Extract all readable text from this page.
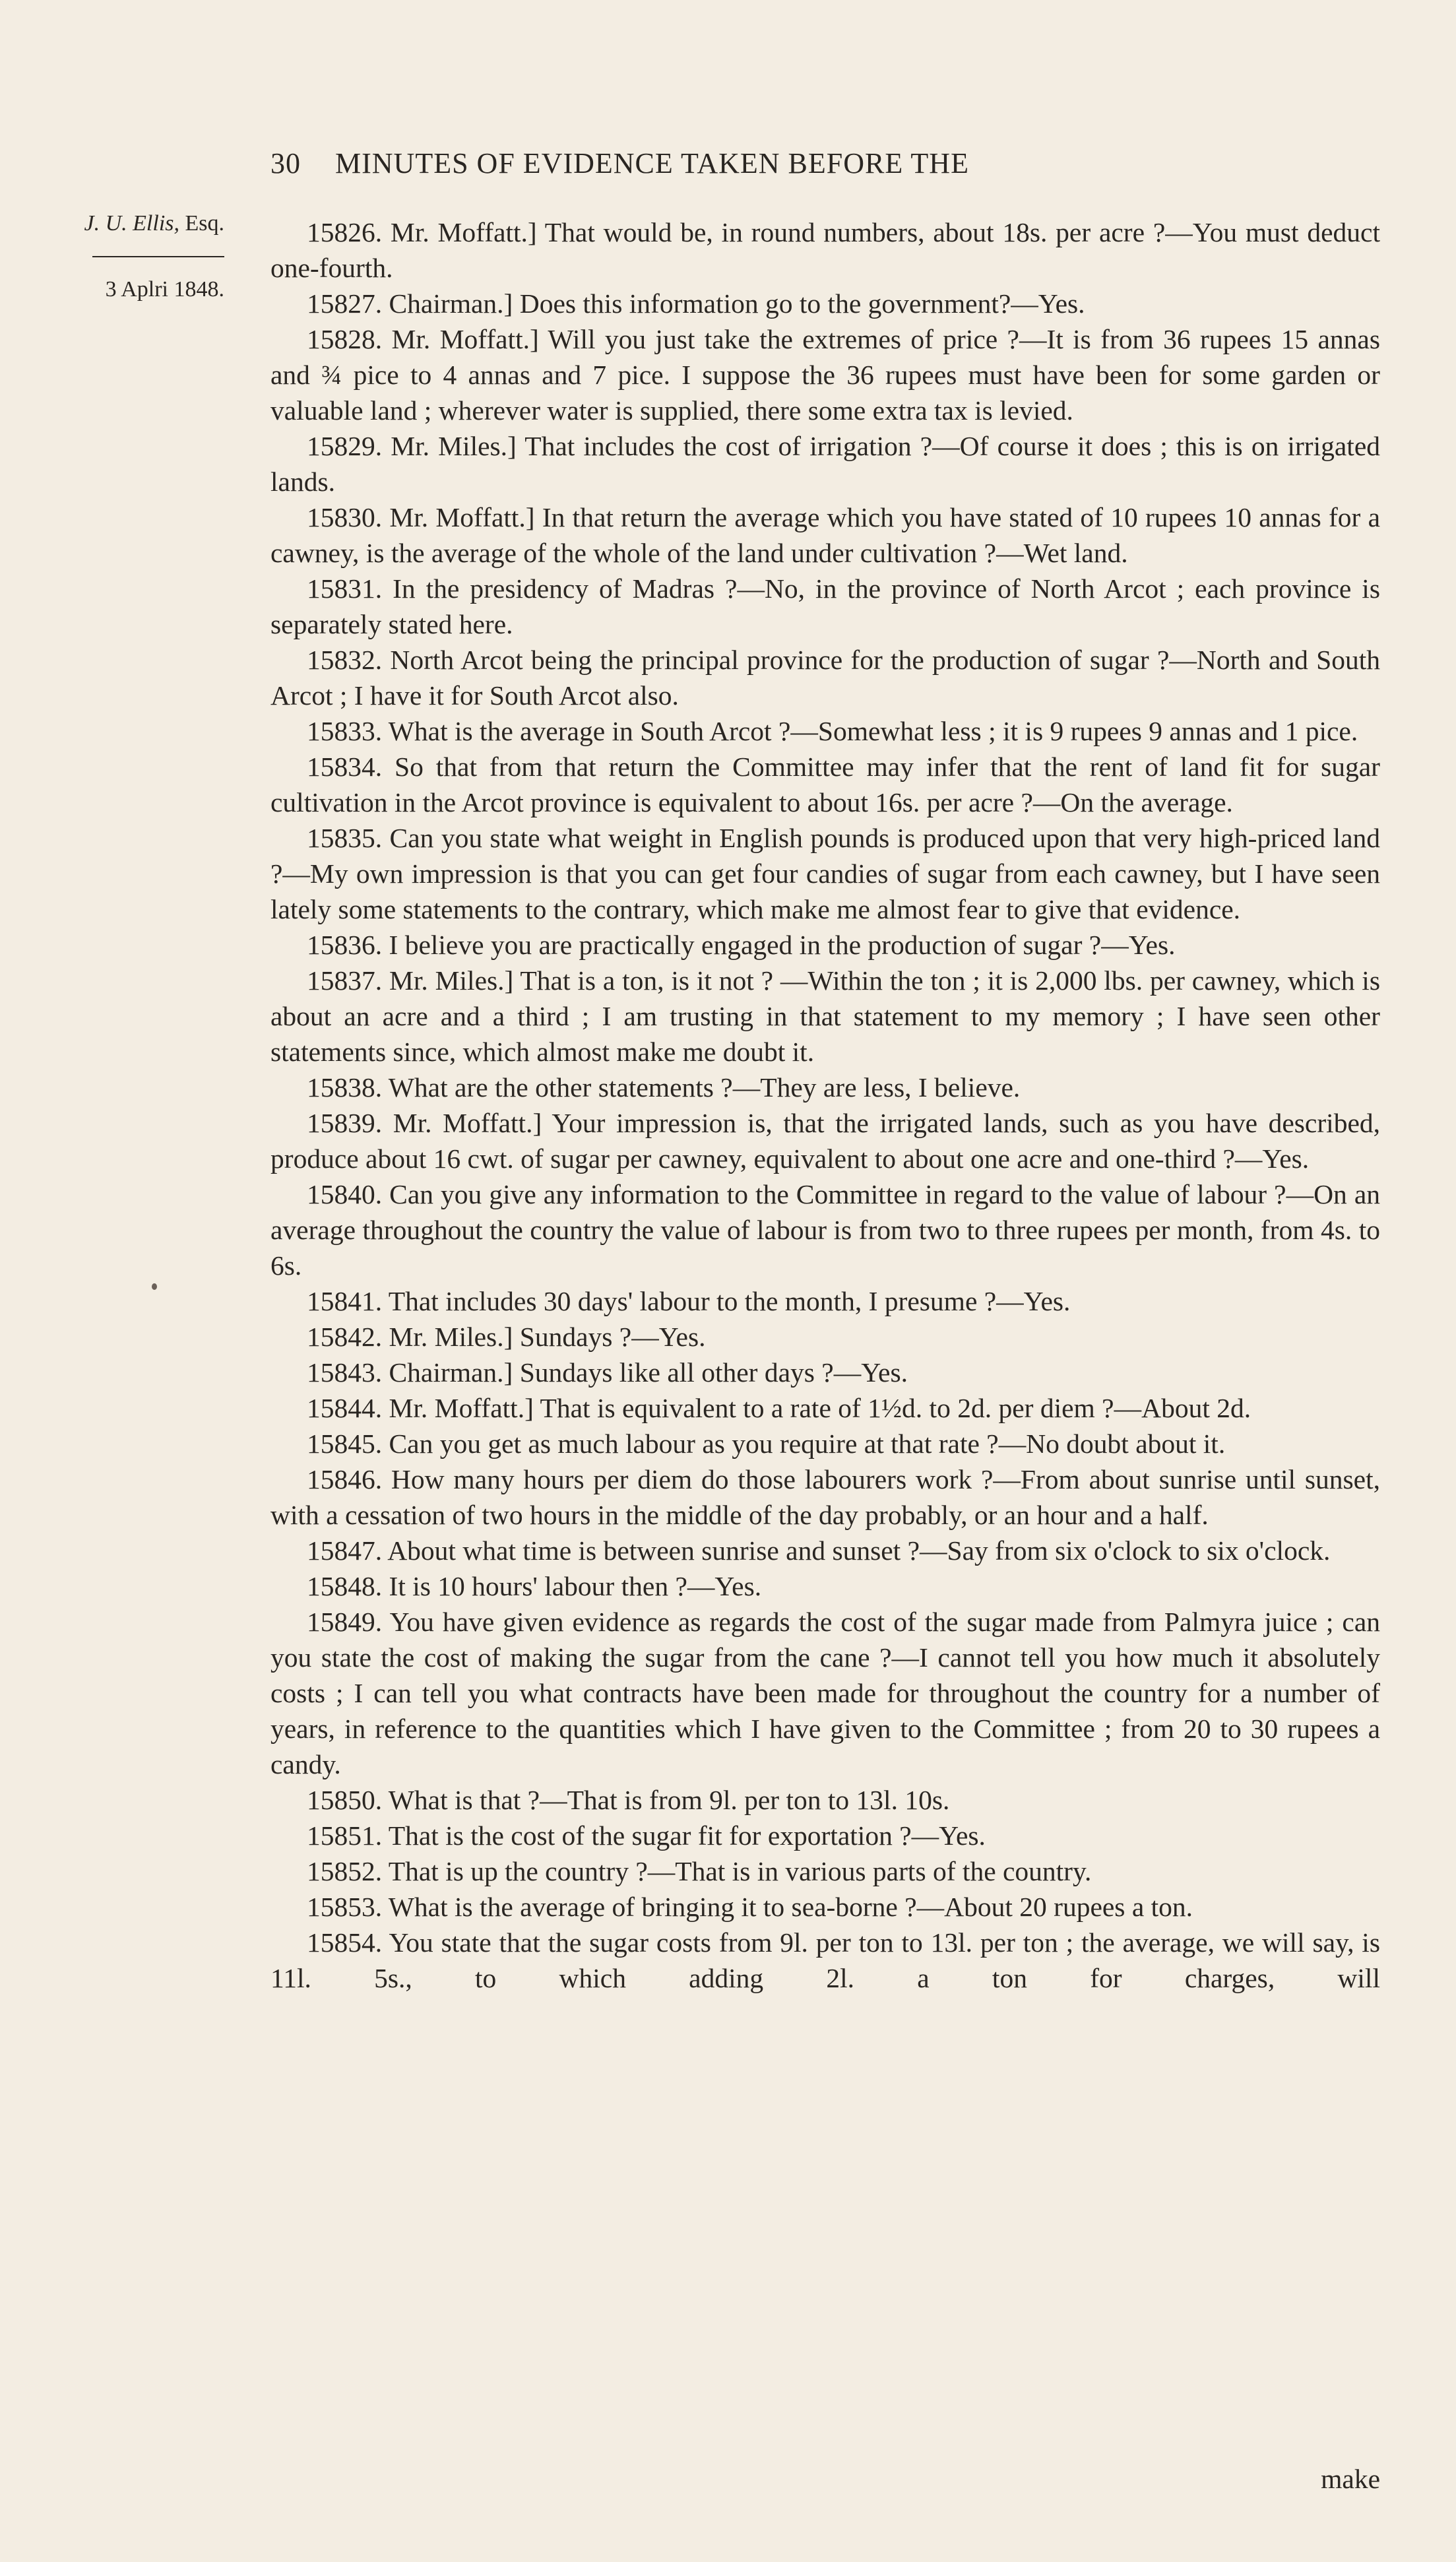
30 MINUTES OF EVIDENCE TAKEN BEFORE THE
J. U. Ellis, Esq.
3 Aplri 1848.

15826. Mr. Moffatt.] That would be, in round numbers, about 18s. per acre ?—You must deduct one-fourth.

15827. Chairman.] Does this information go to the government?—Yes.

15828. Mr. Moffatt.] Will you just take the extremes of price ?—It is from 36 rupees 15 annas and ¾ pice to 4 annas and 7 pice. I suppose the 36 rupees must have been for some garden or valuable land ; wherever water is supplied, there some extra tax is levied.

15829. Mr. Miles.] That includes the cost of irrigation ?—Of course it does ; this is on irrigated lands.

15830. Mr. Moffatt.] In that return the average which you have stated of 10 rupees 10 annas for a cawney, is the average of the whole of the land under cultivation ?—Wet land.

15831. In the presidency of Madras ?—No, in the province of North Arcot ; each province is separately stated here.

15832. North Arcot being the principal province for the production of sugar ?—North and South Arcot ; I have it for South Arcot also.

15833. What is the average in South Arcot ?—Somewhat less ; it is 9 rupees 9 annas and 1 pice.

15834. So that from that return the Committee may infer that the rent of land fit for sugar cultivation in the Arcot province is equivalent to about 16s. per acre ?—On the average.

15835. Can you state what weight in English pounds is produced upon that very high-priced land ?—My own impression is that you can get four candies of sugar from each cawney, but I have seen lately some statements to the contrary, which make me almost fear to give that evidence.

15836. I believe you are practically engaged in the production of sugar ?—Yes.

15837. Mr. Miles.] That is a ton, is it not ? —Within the ton ; it is 2,000 lbs. per cawney, which is about an acre and a third ; I am trusting in that statement to my memory ; I have seen other statements since, which almost make me doubt it.

15838. What are the other statements ?—They are less, I believe.

15839. Mr. Moffatt.] Your impression is, that the irrigated lands, such as you have described, produce about 16 cwt. of sugar per cawney, equivalent to about one acre and one-third ?—Yes.

15840. Can you give any information to the Committee in regard to the value of labour ?—On an average throughout the country the value of labour is from two to three rupees per month, from 4s. to 6s.

15841. That includes 30 days' labour to the month, I presume ?—Yes.

15842. Mr. Miles.] Sundays ?—Yes.

15843. Chairman.] Sundays like all other days ?—Yes.

15844. Mr. Moffatt.] That is equivalent to a rate of 1½d. to 2d. per diem ?—About 2d.

15845. Can you get as much labour as you require at that rate ?—No doubt about it.

15846. How many hours per diem do those labourers work ?—From about sunrise until sunset, with a cessation of two hours in the middle of the day probably, or an hour and a half.

15847. About what time is between sunrise and sunset ?—Say from six o'clock to six o'clock.

15848. It is 10 hours' labour then ?—Yes.

15849. You have given evidence as regards the cost of the sugar made from Palmyra juice ; can you state the cost of making the sugar from the cane ?—I cannot tell you how much it absolutely costs ; I can tell you what contracts have been made for throughout the country for a number of years, in reference to the quantities which I have given to the Committee ; from 20 to 30 rupees a candy.

15850. What is that ?—That is from 9l. per ton to 13l. 10s.

15851. That is the cost of the sugar fit for exportation ?—Yes.

15852. That is up the country ?—That is in various parts of the country.

15853. What is the average of bringing it to sea-borne ?—About 20 rupees a ton.

15854. You state that the sugar costs from 9l. per ton to 13l. per ton ; the average, we will say, is 11l. 5s., to which adding 2l. a ton for charges, will

make
